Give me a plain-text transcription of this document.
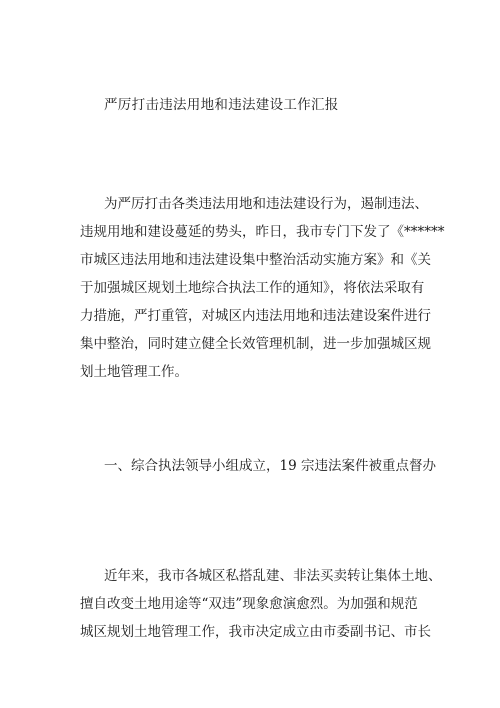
严厉打击违法用地和违法建设工作汇报
为严厉打击各类违法用地和违法建设行为，遏制违法、
违规用地和建设蔓延的势头，昨日，我市专门下发了《******
市城区违法用地和违法建设集中整治活动实施方案》和《关
于加强城区规划土地综合执法工作的通知》，将依法采取有
力措施，严打重管，对城区内违法用地和违法建设案件进行
集中整治，同时建立健全长效管理机制，进一步加强城区规
划土地管理工作。
一、综合执法领导小组成立，19 宗违法案件被重点督办
近年来，我市各城区私搭乱建、非法买卖转让集体土地、
擅自改变土地用途等“双违”现象愈演愈烈。为加强和规范
城区规划土地管理工作，我市决定成立由市委副书记、市长
